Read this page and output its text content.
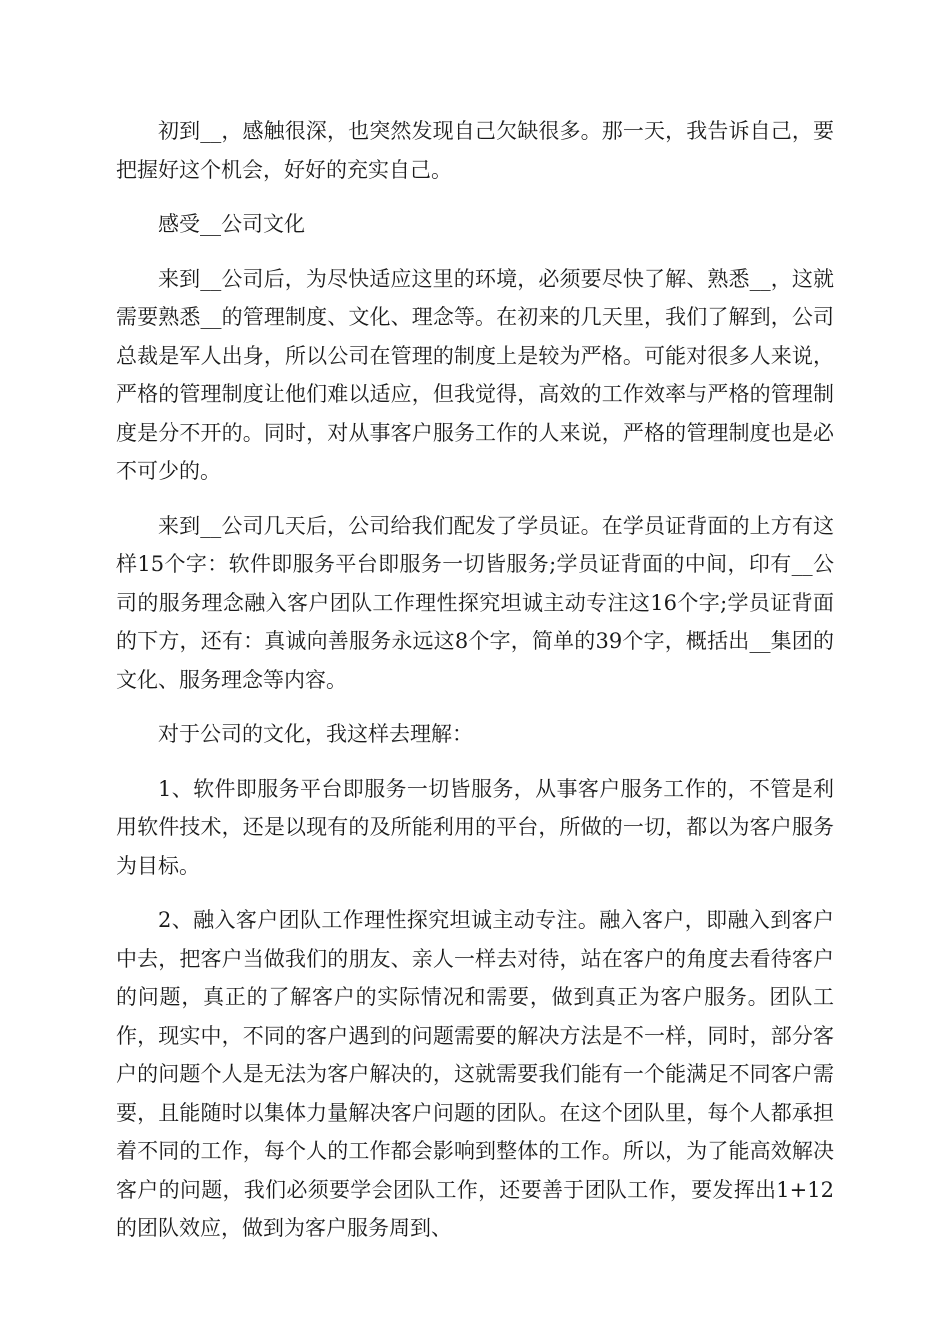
初到__，感触很深，也突然发现自己欠缺很多。那一天，我告诉自己，要把握好这个机会，好好的充实自己。

感受__公司文化

来到__公司后，为尽快适应这里的环境，必须要尽快了解、熟悉__，这就需要熟悉__的管理制度、文化、理念等。在初来的几天里，我们了解到，公司总裁是军人出身，所以公司在管理的制度上是较为严格。可能对很多人来说，严格的管理制度让他们难以适应，但我觉得，高效的工作效率与严格的管理制度是分不开的。同时，对从事客户服务工作的人来说，严格的管理制度也是必不可少的。

来到__公司几天后，公司给我们配发了学员证。在学员证背面的上方有这样15个字：软件即服务平台即服务一切皆服务;学员证背面的中间，印有__公司的服务理念融入客户团队工作理性探究坦诚主动专注这16个字;学员证背面的下方，还有：真诚向善服务永远这8个字，简单的39个字，概括出__集团的文化、服务理念等内容。

对于公司的文化，我这样去理解：

1、软件即服务平台即服务一切皆服务，从事客户服务工作的，不管是利用软件技术，还是以现有的及所能利用的平台，所做的一切，都以为客户服务为目标。

2、融入客户团队工作理性探究坦诚主动专注。融入客户，即融入到客户中去，把客户当做我们的朋友、亲人一样去对待，站在客户的角度去看待客户的问题，真正的了解客户的实际情况和需要，做到真正为客户服务。团队工作，现实中，不同的客户遇到的问题需要的解决方法是不一样，同时，部分客户的问题个人是无法为客户解决的，这就需要我们能有一个能满足不同客户需要，且能随时以集体力量解决客户问题的团队。在这个团队里，每个人都承担着不同的工作，每个人的工作都会影响到整体的工作。所以，为了能高效解决客户的问题，我们必须要学会团队工作，还要善于团队工作，要发挥出1+12的团队效应，做到为客户服务周到、
